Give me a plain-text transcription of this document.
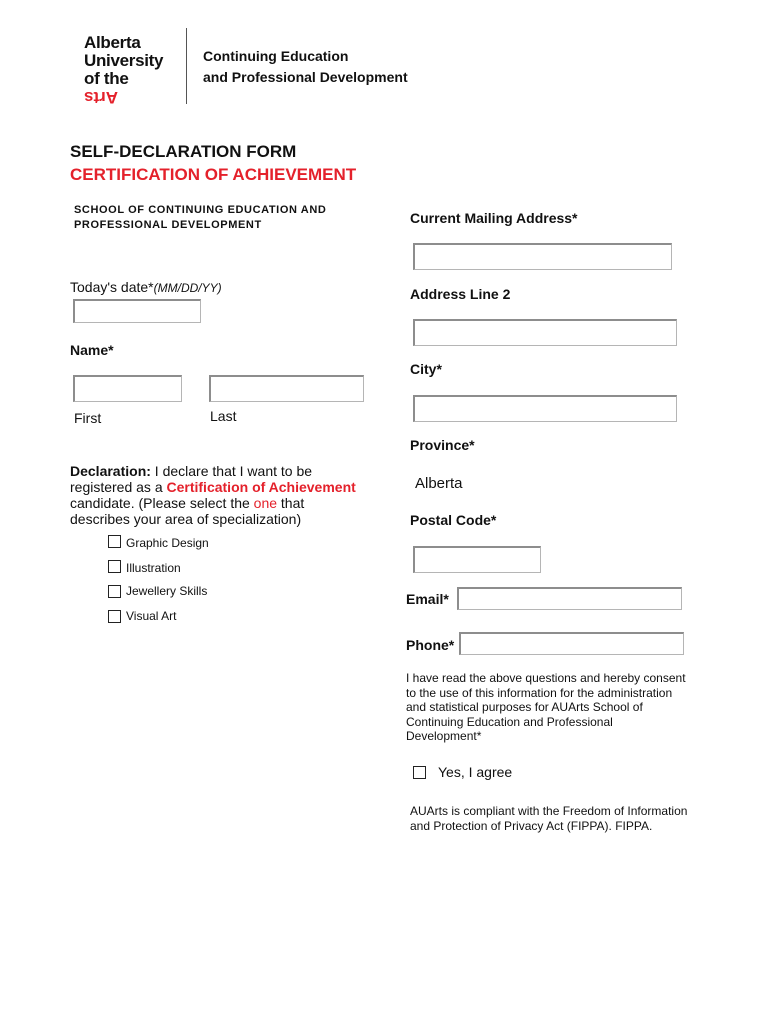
Alberta
University
of the
Arts
Continuing Education
and Professional Development
SELF-DECLARATION FORM
CERTIFICATION OF ACHIEVEMENT
SCHOOL OF CONTINUING EDUCATION AND
PROFESSIONAL DEVELOPMENT
Today's date*(MM/DD/YY)
Name*
First	Last
Declaration: I declare that I want to be
registered as a Certification of Achievement
candidate. (Please select the one that
describes your area of specialization)
Graphic Design
Illustration
Jewellery Skills
Visual Art
Current Mailing Address*
Address Line 2
City*
Province*
Alberta
Postal Code*
Email*
Phone*
I have read the above questions and hereby consent
to the use of this information for the administration
and statistical purposes for AUArts School of
Continuing Education and Professional
Development*
Yes, I agree
AUArts is compliant with the Freedom of Information
and Protection of Privacy Act (FIPPA). FIPPA.
